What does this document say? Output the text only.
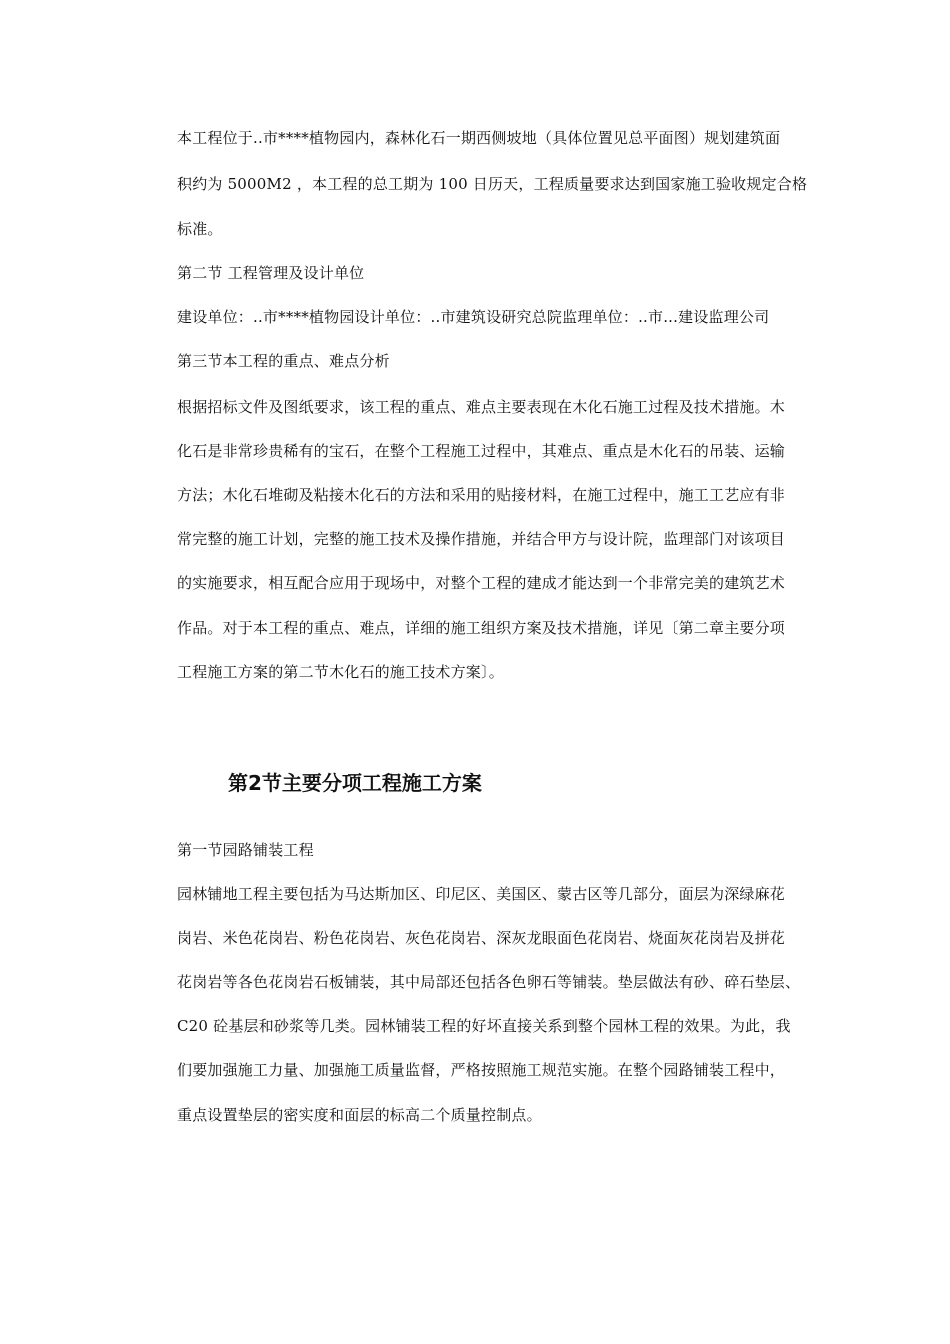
本工程位于..市****植物园内，森林化石一期西侧坡地（具体位置见总平面图）规划建筑面
积约为 5000M2 ，本工程的总工期为 100 日历天，工程质量要求达到国家施工验收规定合格
标准。
第二节 工程管理及设计单位
建设单位：..市****植物园设计单位：..市建筑设研究总院监理单位：..市...建设监理公司
第三节本工程的重点、难点分析
根据招标文件及图纸要求，该工程的重点、难点主要表现在木化石施工过程及技术措施。木
化石是非常珍贵稀有的宝石，在整个工程施工过程中，其难点、重点是木化石的吊装、运输
方法；木化石堆砌及粘接木化石的方法和采用的贴接材料，在施工过程中，施工工艺应有非
常完整的施工计划，完整的施工技术及操作措施，并结合甲方与设计院，监理部门对该项目
的实施要求，相互配合应用于现场中，对整个工程的建成才能达到一个非常完美的建筑艺术
作品。对于本工程的重点、难点，详细的施工组织方案及技术措施，详见〔第二章主要分项
工程施工方案的第二节木化石的施工技术方案〕。
第2节主要分项工程施工方案
第一节园路铺装工程
园林铺地工程主要包括为马达斯加区、印尼区、美国区、蒙古区等几部分，面层为深绿麻花
岗岩、米色花岗岩、粉色花岗岩、灰色花岗岩、深灰龙眼面色花岗岩、烧面灰花岗岩及拼花
花岗岩等各色花岗岩石板铺装，其中局部还包括各色卵石等铺装。垫层做法有砂、碎石垫层、
C20 砼基层和砂浆等几类。园林铺装工程的好坏直接关系到整个园林工程的效果。为此，我
们要加强施工力量、加强施工质量监督，严格按照施工规范实施。在整个园路铺装工程中，
重点设置垫层的密实度和面层的标高二个质量控制点。
